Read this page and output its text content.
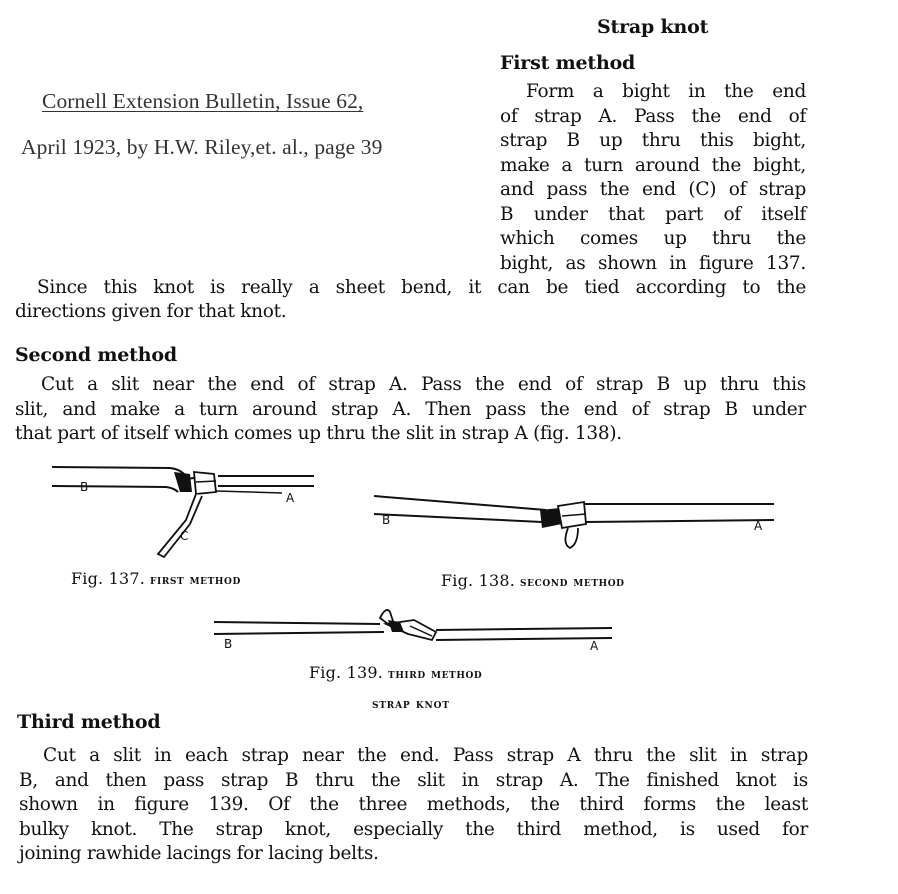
Strap knot
First method
Cornell Extension Bulletin, Issue 62,
April 1923, by H.W. Riley,et. al., page 39
Form a bight in the end
of strap A. Pass the end of
strap B up thru this bight,
make a turn around the bight,
and pass the end (C) of strap
B under that part of itself
which comes up thru the
bight, as shown in figure 137.
Since this knot is really a sheet bend, it can be tied according to the
directions given for that knot.
Second method
Cut a slit near the end of strap A. Pass the end of strap B up thru this
slit, and make a turn around strap A. Then pass the end of strap B under
that part of itself which comes up thru the slit in strap A (fig. 138).
B
A
C
Fig. 137. first method
B	A
Fig. 138. second method
B	A
Fig. 139. third method
strap knot
Third method
Cut a slit in each strap near the end. Pass strap A thru the slit in strap
B, and then pass strap B thru the slit in strap A. The finished knot is
shown in figure 139. Of the three methods, the third forms the least
bulky knot. The strap knot, especially the third method, is used for
joining rawhide lacings for lacing belts.
